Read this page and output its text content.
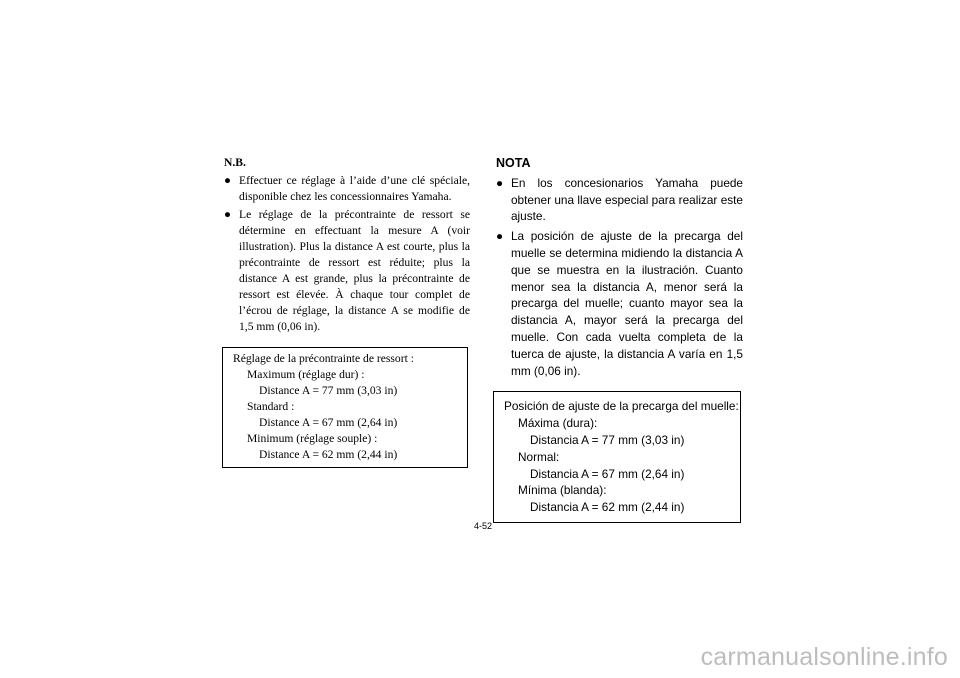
N.B.

● Effectuer ce réglage à l’aide d’une clé spéciale, disponible chez les concessionnaires Yamaha.
● Le réglage de la précontrainte de ressort se détermine en effectuant la mesure A (voir illustration). Plus la distance A est courte, plus la précontrainte de ressort est réduite; plus la distance A est grande, plus la précontrainte de ressort est élevée. À chaque tour complet de l’écrou de réglage, la distance A se modifie de 1,5 mm (0,06 in).
Réglage de la précontrainte de ressort :
Maximum (réglage dur) :
Distance A = 77 mm (3,03 in)
Standard :
Distance A = 67 mm (2,64 in)
Minimum (réglage souple) :
Distance A = 62 mm (2,44 in)

NOTA

● En los concesionarios Yamaha puede obtener una llave especial para realizar este ajuste.
● La posición de ajuste de la precarga del muelle se determina midiendo la distancia A que se muestra en la ilustración. Cuanto menor sea la distancia A, menor será la precarga del muelle; cuanto mayor sea la distancia A, mayor será la precarga del muelle. Con cada vuelta completa de la tuerca de ajuste, la distancia A varía en 1,5 mm (0,06 in).
Posición de ajuste de la precarga del muelle:
Máxima (dura):
Distancia A = 77 mm (3,03 in)
Normal:
Distancia A = 67 mm (2,64 in)
Mínima (blanda):
Distancia A = 62 mm (2,44 in)
4-52
carmanualsonline.info
